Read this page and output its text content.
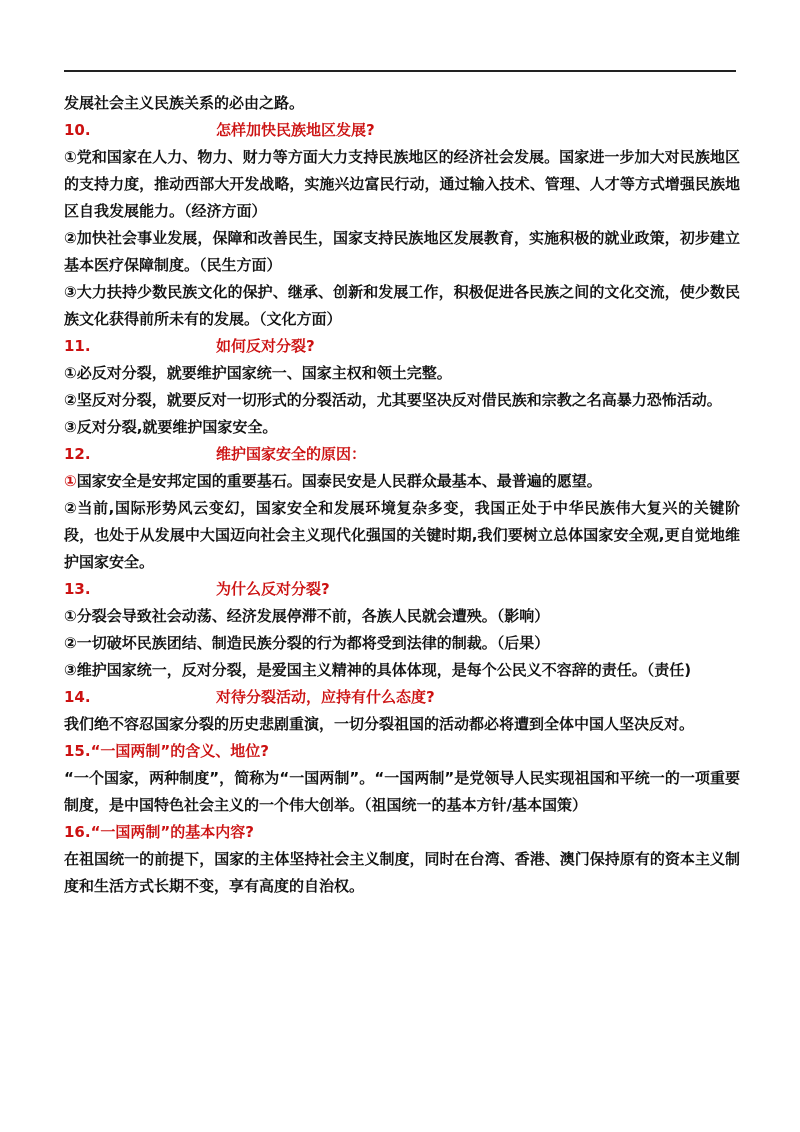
发展社会主义民族关系的必由之路。
10.	怎样加快民族地区发展?
①党和国家在人力、物力、财力等方面大力支持民族地区的经济社会发展。国家进一步加大对民族地区的支持力度，推动西部大开发战略，实施兴边富民行动，通过输入技术、管理、人才等方式增强民族地区自我发展能力。（经济方面）
②加快社会事业发展，保障和改善民生，国家支持民族地区发展教育，实施积极的就业政策，初步建立基本医疗保障制度。（民生方面）
③大力扶持少数民族文化的保护、继承、创新和发展工作，积极促进各民族之间的文化交流，使少数民族文化获得前所未有的发展。（文化方面）
11.	如何反对分裂?
①必反对分裂，就要维护国家统一、国家主权和领土完整。
②坚反对分裂，就要反对一切形式的分裂活动，尤其要坚决反对借民族和宗教之名高暴力恐怖活动。
③反对分裂,就要维护国家安全。
12.	维护国家安全的原因：
①国家安全是安邦定国的重要基石。国泰民安是人民群众最基本、最普遍的愿望。
②当前,国际形势风云变幻，国家安全和发展环境复杂多变，我国正处于中华民族伟大复兴的关键阶段，也处于从发展中大国迈向社会主义现代化强国的关键时期,我们要树立总体国家安全观,更自觉地维护国家安全。
13.	为什么反对分裂?
①分裂会导致社会动荡、经济发展停滞不前，各族人民就会遭殃。（影响）
②一切破坏民族团结、制造民族分裂的行为都将受到法律的制裁。（后果）
③维护国家统一，反对分裂，是爱国主义精神的具体体现，是每个公民义不容辞的责任。（责任)
14.	对待分裂活动，应持有什么态度?
我们绝不容忍国家分裂的历史悲剧重演，一切分裂祖国的活动都必将遭到全体中国人坚决反对。
15.“一国两制”的含义、地位?
“一个国家，两种制度”，简称为“一国两制”。“一国两制”是党领导人民实现祖国和平统一的一项重要制度，是中国特色社会主义的一个伟大创举。（祖国统一的基本方针/基本国策）
16.“一国两制”的基本内容?
在祖国统一的前提下，国家的主体坚持社会主义制度，同时在台湾、香港、澳门保持原有的资本主义制度和生活方式长期不变，享有高度的自治权。
